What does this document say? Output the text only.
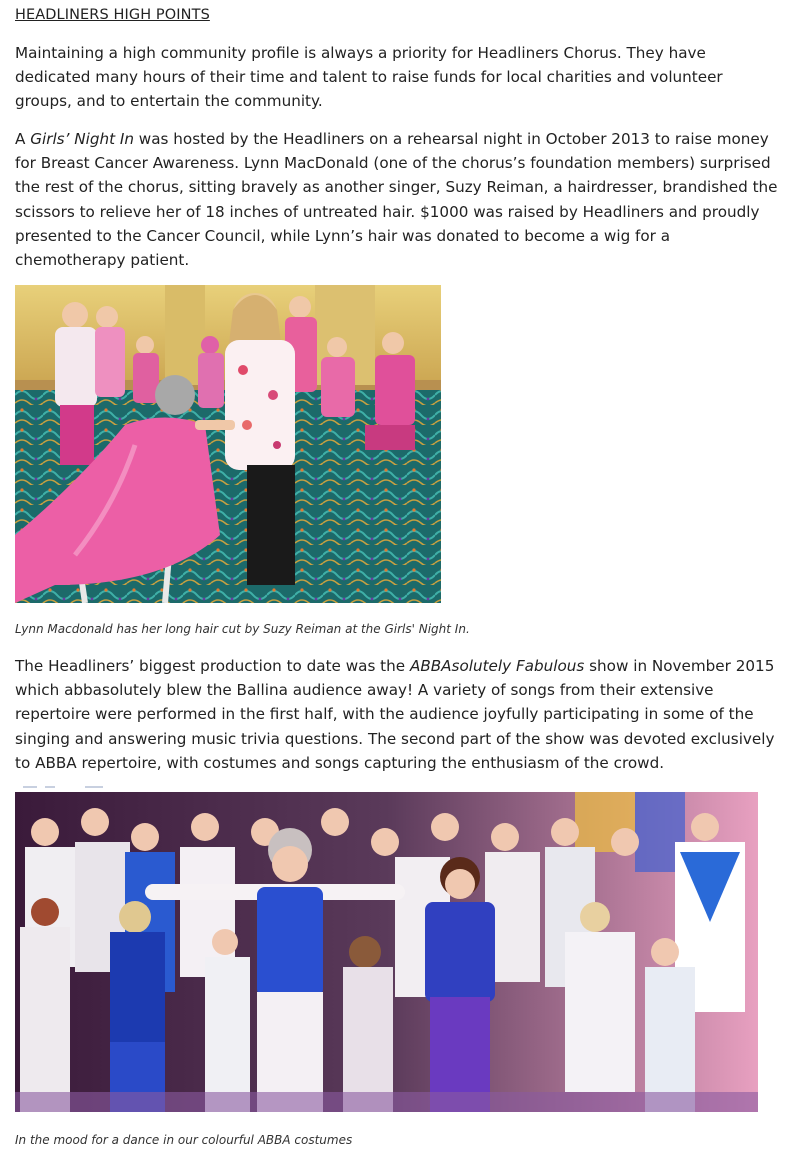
HEADLINERS HIGH POINTS

Maintaining a high community profile is always a priority for Headliners Chorus. They have dedicated many hours of their time and talent to raise funds for local charities and volunteer groups, and to entertain the community.

A Girls’ Night In was hosted by the Headliners on a rehearsal night in October 2013 to raise money for Breast Cancer Awareness. Lynn MacDonald (one of the chorus’s foundation members) surprised the rest of the chorus, sitting bravely as another singer, Suzy Reiman, a hairdresser, brandished the scissors to relieve her of 18 inches of untreated hair. $1000 was raised by Headliners and proudly presented to the Cancer Council, while Lynn’s hair was donated to become a wig for a chemotherapy patient.

Lynn Macdonald has her long hair cut by Suzy Reiman at the Girls' Night In.

The Headliners’ biggest production to date was the ABBAsolutely Fabulous show in November 2015 which abbasolutely blew the Ballina audience away! A variety of songs from their extensive repertoire were performed in the first half, with the audience joyfully participating in some of the singing and answering music trivia questions. The second part of the show was devoted exclusively to ABBA repertoire, with costumes and songs capturing the enthusiasm of the crowd.

In the mood for a dance in our colourful ABBA costumes
